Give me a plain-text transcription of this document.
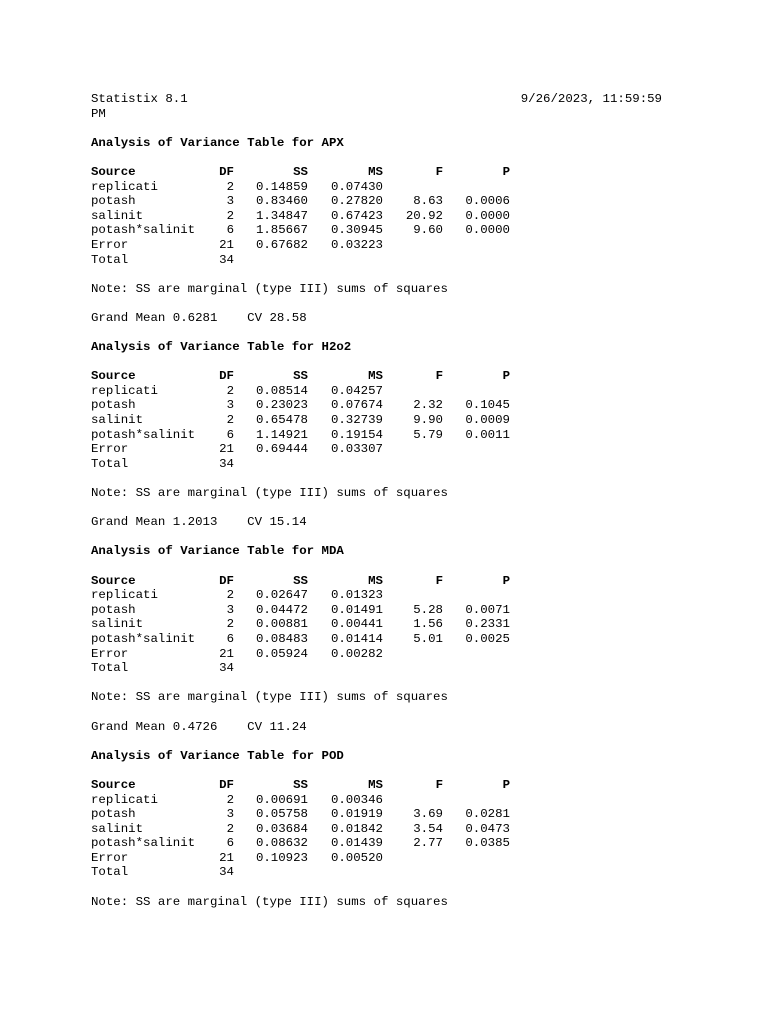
Statistix 8.1

	9/26/2023, 11:59:59

PM
Analysis of Variance Table for APX
Source	DF	SS	MS	F	P
replicati	2	0.14859	0.07430		
potash	3	0.83460	0.27820	8.63	0.0006
salinit	2	1.34847	0.67423	20.92	0.0000
potash*salinit	6	1.85667	0.30945	9.60	0.0000
Error	21	0.67682	0.03223		
Total	34				
Note: SS are marginal (type III) sums of squares
Grand Mean 0.6281    CV 28.58
Analysis of Variance Table for H2o2
Source	DF	SS	MS	F	P
replicati	2	0.08514	0.04257		
potash	3	0.23023	0.07674	2.32	0.1045
salinit	2	0.65478	0.32739	9.90	0.0009
potash*salinit	6	1.14921	0.19154	5.79	0.0011
Error	21	0.69444	0.03307		
Total	34				
Note: SS are marginal (type III) sums of squares
Grand Mean 1.2013    CV 15.14
Analysis of Variance Table for MDA
Source	DF	SS	MS	F	P
replicati	2	0.02647	0.01323		
potash	3	0.04472	0.01491	5.28	0.0071
salinit	2	0.00881	0.00441	1.56	0.2331
potash*salinit	6	0.08483	0.01414	5.01	0.0025
Error	21	0.05924	0.00282		
Total	34				
Note: SS are marginal (type III) sums of squares
Grand Mean 0.4726    CV 11.24
Analysis of Variance Table for POD
Source	DF	SS	MS	F	P
replicati	2	0.00691	0.00346		
potash	3	0.05758	0.01919	3.69	0.0281
salinit	2	0.03684	0.01842	3.54	0.0473
potash*salinit	6	0.08632	0.01439	2.77	0.0385
Error	21	0.10923	0.00520		
Total	34				
Note: SS are marginal (type III) sums of squares
